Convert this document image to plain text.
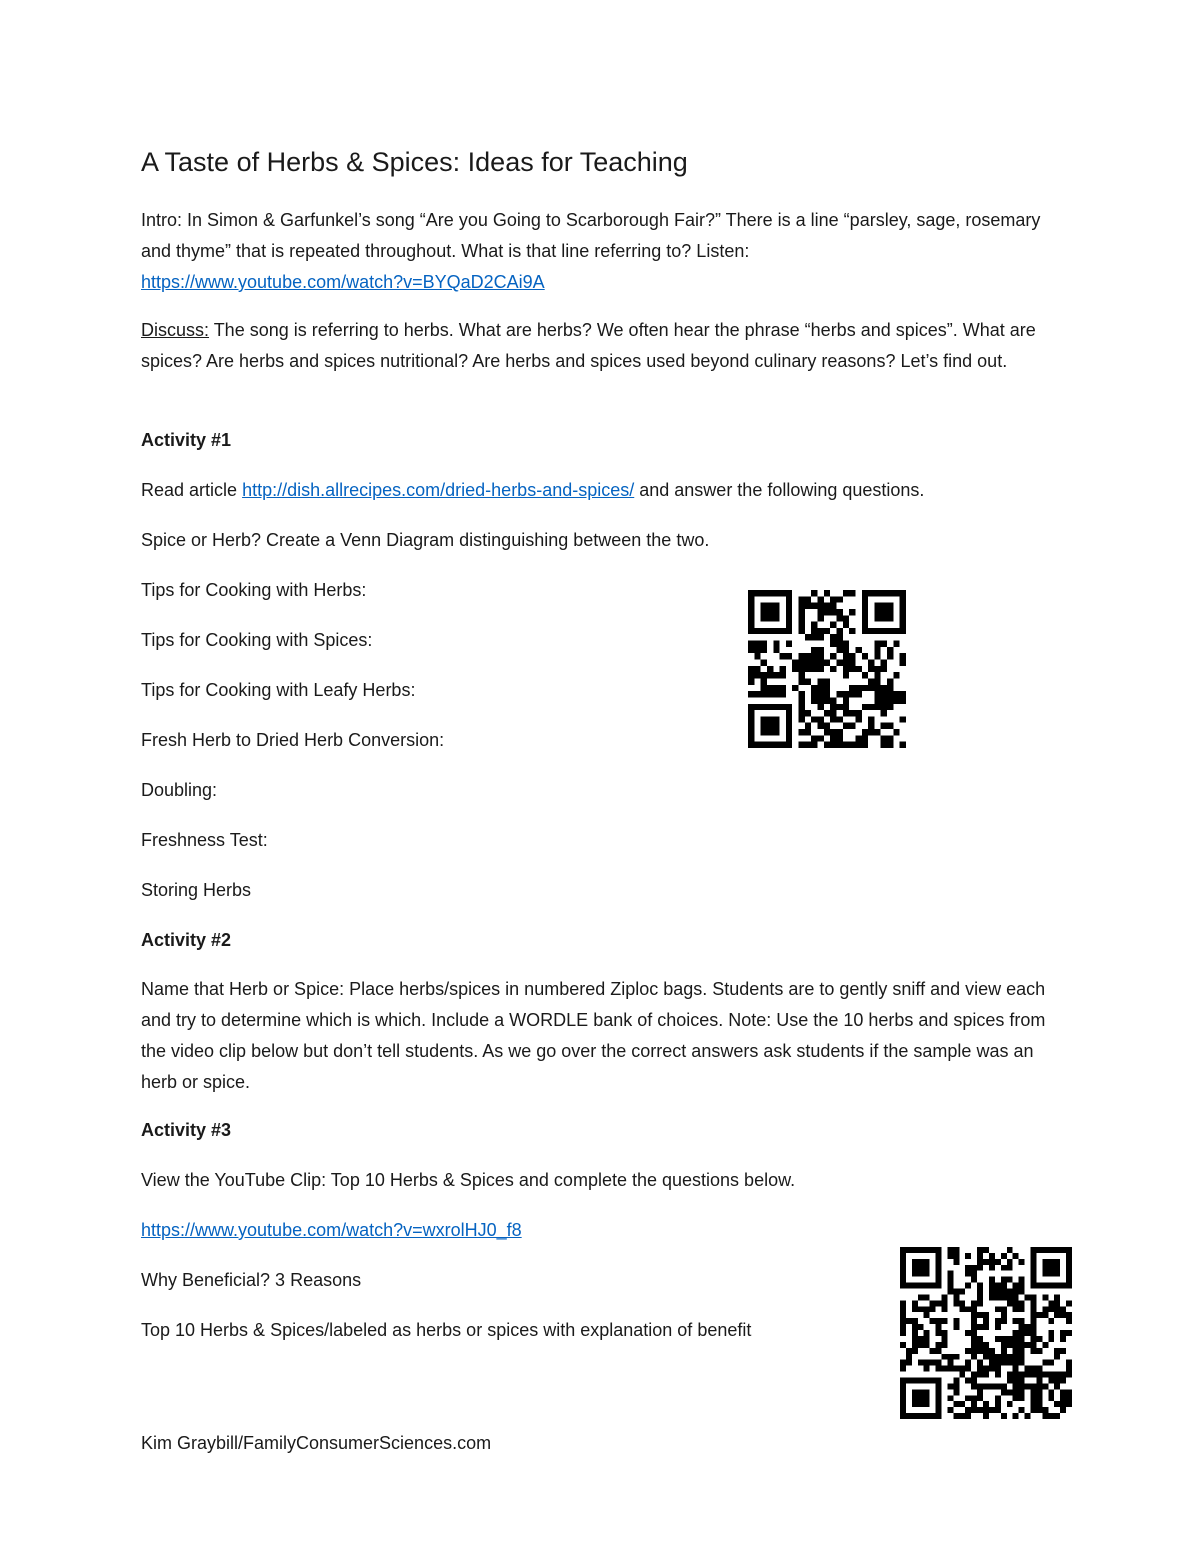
A Taste of Herbs & Spices: Ideas for Teaching

Intro: In Simon & Garfunkel’s song “Are you Going to Scarborough Fair?” There is a line “parsley, sage, rosemary and thyme” that is repeated throughout. What is that line referring to? Listen:
https://www.youtube.com/watch?v=BYQaD2CAi9A

Discuss: The song is referring to herbs. What are herbs? We often hear the phrase “herbs and spices”. What are spices? Are herbs and spices nutritional? Are herbs and spices used beyond culinary reasons? Let’s find out.

Activity #1

Read article http://dish.allrecipes.com/dried-herbs-and-spices/ and answer the following questions.

Spice or Herb? Create a Venn Diagram distinguishing between the two.

Tips for Cooking with Herbs:

Tips for Cooking with Spices:

Tips for Cooking with Leafy Herbs:

Fresh Herb to Dried Herb Conversion:

Doubling:

Freshness Test:

Storing Herbs

Activity #2

Name that Herb or Spice: Place herbs/spices in numbered Ziploc bags. Students are to gently sniff and view each and try to determine which is which. Include a WORDLE bank of choices. Note: Use the 10 herbs and spices from the video clip below but don’t tell students. As we go over the correct answers ask students if the sample was an herb or spice.

Activity #3

View the YouTube Clip: Top 10 Herbs & Spices and complete the questions below.

https://www.youtube.com/watch?v=wxrolHJ0_f8

Why Beneficial? 3 Reasons

Top 10 Herbs & Spices/labeled as herbs or spices with explanation of benefit

Kim Graybill/FamilyConsumerSciences.com
